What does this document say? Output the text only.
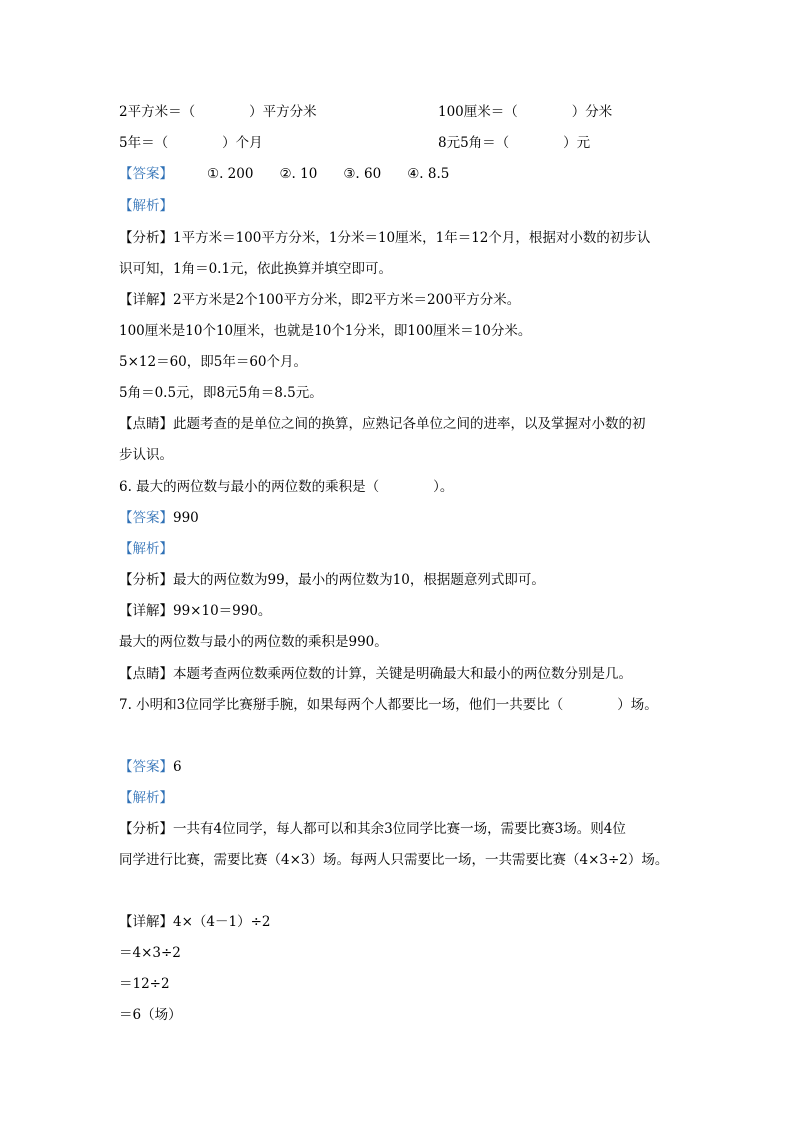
2平方米＝（　　　　）平方分米	100厘米＝（　　　　）分米
5年＝（　　　　）个月	8元5角＝（　　　　）元
【答案】	①. 200 ②. 10 ③. 60 ④. 8.5
【解析】
【分析】1平方米＝100平方分米，1分米＝10厘米，1年＝12个月，根据对小数的初步认
识可知，1角＝0.1元，依此换算并填空即可。
【详解】2平方米是2个100平方分米，即2平方米＝200平方分米。
100厘米是10个10厘米，也就是10个1分米，即100厘米＝10分米。
5×12＝60，即5年＝60个月。
5角＝0.5元，即8元5角＝8.5元。
【点睛】此题考查的是单位之间的换算，应熟记各单位之间的进率，以及掌握对小数的初
步认识。
6. 最大的两位数与最小的两位数的乘积是（　　　　）。
【答案】990
【解析】
【分析】最大的两位数为99，最小的两位数为10，根据题意列式即可。
【详解】99×10＝990。
最大的两位数与最小的两位数的乘积是990。
【点睛】本题考查两位数乘两位数的计算，关键是明确最大和最小的两位数分别是几。
7. 小明和3位同学比赛掰手腕，如果每两个人都要比一场，他们一共要比（　　　　）场。
【答案】6
【解析】
【分析】一共有4位同学，每人都可以和其余3位同学比赛一场，需要比赛3场。则4位
同学进行比赛，需要比赛（4×3）场。每两人只需要比一场，一共需要比赛（4×3÷2）场。
【详解】4×（4－1）÷2
＝4×3÷2
＝12÷2
＝6（场）
